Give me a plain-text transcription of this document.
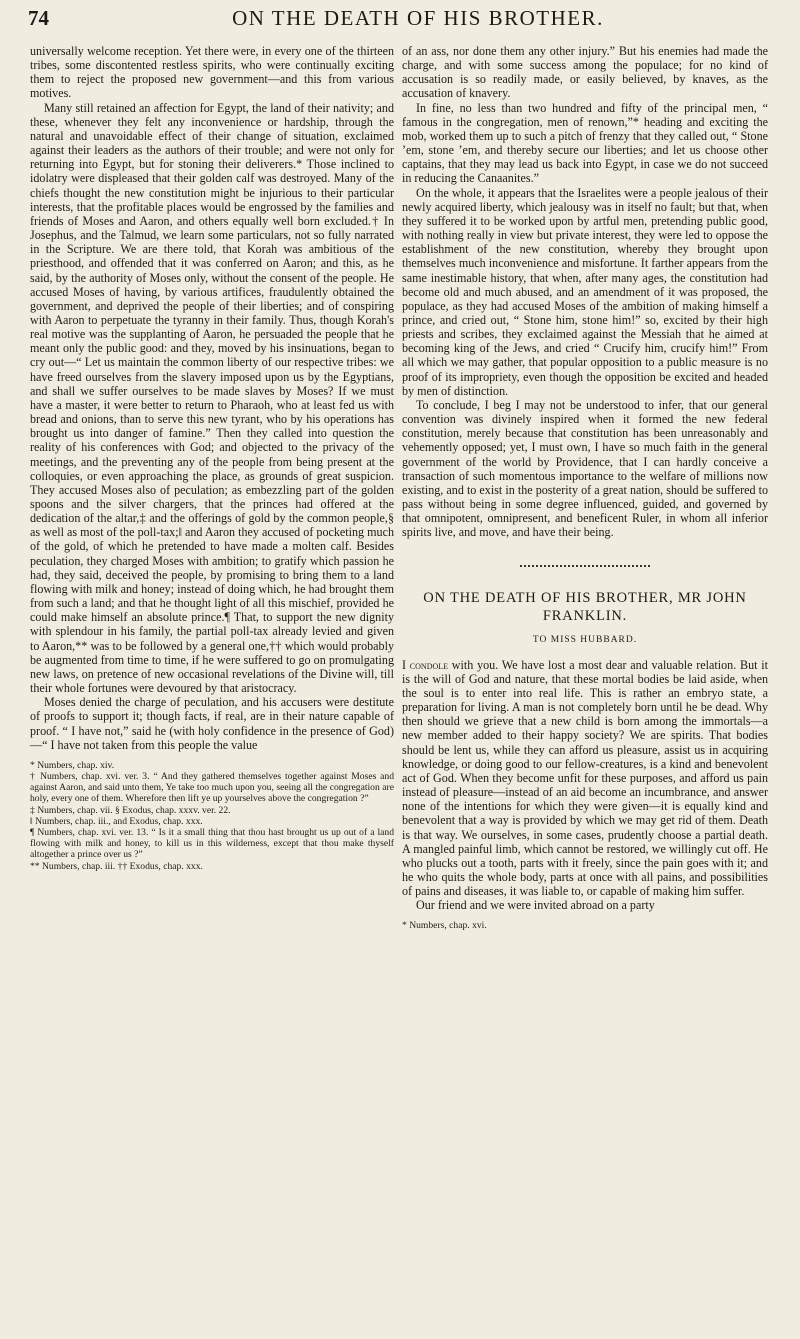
74	ON THE DEATH OF HIS BROTHER.

universally welcome reception. Yet there were, in every one of the thirteen tribes, some discontented restless spirits, who were continually exciting them to reject the proposed new government—and this from various motives.

Many still retained an affection for Egypt, the land of their nativity; and these, whenever they felt any inconvenience or hardship, through the natural and unavoidable effect of their change of situation, exclaimed against their leaders as the authors of their trouble; and were not only for returning into Egypt, but for stoning their deliverers.* Those inclined to idolatry were displeased that their golden calf was destroyed. Many of the chiefs thought the new constitution might be injurious to their particular interests, that the profitable places would be engrossed by the families and friends of Moses and Aaron, and others equally well born excluded.† In Josephus, and the Talmud, we learn some particulars, not so fully narrated in the Scripture. We are there told, that Korah was ambitious of the priesthood, and offended that it was conferred on Aaron; and this, as he said, by the authority of Moses only, without the consent of the people. He accused Moses of having, by various artifices, fraudulently obtained the government, and deprived the people of their liberties; and of conspiring with Aaron to perpetuate the tyranny in their family. Thus, though Korah's real motive was the supplanting of Aaron, he persuaded the people that he meant only the public good: and they, moved by his insinuations, began to cry out—“ Let us maintain the common liberty of our respective tribes: we have freed ourselves from the slavery imposed upon us by the Egyptians, and shall we suffer ourselves to be made slaves by Moses? If we must have a master, it were better to return to Pharaoh, who at least fed us with bread and onions, than to serve this new tyrant, who by his operations has brought us into danger of famine.” Then they called into question the reality of his conferences with God; and objected to the privacy of the meetings, and the preventing any of the people from being present at the colloquies, or even approaching the place, as grounds of great suspicion. They accused Moses also of peculation; as embezzling part of the golden spoons and the silver chargers, that the princes had offered at the dedication of the altar,‡ and the offerings of gold by the common people,§ as well as most of the poll-tax;‖ and Aaron they accused of pocketing much of the gold, of which he pretended to have made a molten calf. Besides peculation, they charged Moses with ambition; to gratify which passion he had, they said, deceived the people, by promising to bring them to a land flowing with milk and honey; instead of doing which, he had brought them from such a land; and that he thought light of all this mischief, provided he could make himself an absolute prince.¶ That, to support the new dignity with splendour in his family, the partial poll-tax already levied and given to Aaron,** was to be followed by a general one,†† which would probably be augmented from time to time, if he were suffered to go on promulgating new laws, on pretence of new occasional revelations of the Divine will, till their whole fortunes were devoured by that aristocracy.

Moses denied the charge of peculation, and his accusers were destitute of proofs to support it; though facts, if real, are in their nature capable of proof. “ I have not,” said he (with holy confidence in the presence of God)—“ I have not taken from this people the value

* Numbers, chap. xiv.
† Numbers, chap. xvi. ver. 3. “ And they gathered themselves together against Moses and against Aaron, and said unto them, Ye take too much upon you, seeing all the congregation are holy, every one of them. Wherefore then lift ye up yourselves above the congregation ?”
‡ Numbers, chap. vii. § Exodus, chap. xxxv. ver. 22.
‖ Numbers, chap. iii., and Exodus, chap. xxx.
¶ Numbers, chap. xvi. ver. 13. “ Is it a small thing that thou hast brought us up out of a land flowing with milk and honey, to kill us in this wilderness, except that thou make thyself altogether a prince over us ?”
** Numbers, chap. iii. †† Exodus, chap. xxx.

of an ass, nor done them any other injury.” But his enemies had made the charge, and with some success among the populace; for no kind of accusation is so readily made, or easily believed, by knaves, as the accusation of knavery.

In fine, no less than two hundred and fifty of the principal men, “ famous in the congregation, men of renown,”* heading and exciting the mob, worked them up to such a pitch of frenzy that they called out, “ Stone ’em, stone ’em, and thereby secure our liberties; and let us choose other captains, that they may lead us back into Egypt, in case we do not succeed in reducing the Canaanites.”

On the whole, it appears that the Israelites were a people jealous of their newly acquired liberty, which jealousy was in itself no fault; but that, when they suffered it to be worked upon by artful men, pretending public good, with nothing really in view but private interest, they were led to oppose the establishment of the new constitution, whereby they brought upon themselves much inconvenience and misfortune. It farther appears from the same inestimable history, that when, after many ages, the constitution had become old and much abused, and an amendment of it was proposed, the populace, as they had accused Moses of the ambition of making himself a prince, and cried out, “ Stone him, stone him!” so, excited by their high priests and scribes, they exclaimed against the Messiah that he aimed at becoming king of the Jews, and cried “ Crucify him, crucify him!” From all which we may gather, that popular opposition to a public measure is no proof of its impropriety, even though the opposition be excited and headed by men of distinction.

To conclude, I beg I may not be understood to infer, that our general convention was divinely inspired when it formed the new federal constitution, merely because that constitution has been unreasonably and vehemently opposed; yet, I must own, I have so much faith in the general government of the world by Providence, that I can hardly conceive a transaction of such momentous importance to the welfare of millions now existing, and to exist in the posterity of a great nation, should be suffered to pass without being in some degree influenced, guided, and governed by that omnipotent, omnipresent, and beneficent Ruler, in whom all inferior spirits live, and move, and have their being.

ON THE DEATH OF HIS BROTHER, MR JOHN FRANKLIN.
TO MISS HUBBARD.

I condole with you. We have lost a most dear and valuable relation. But it is the will of God and nature, that these mortal bodies be laid aside, when the soul is to enter into real life. This is rather an embryo state, a preparation for living. A man is not completely born until he be dead. Why then should we grieve that a new child is born among the immortals—a new member added to their happy society? We are spirits. That bodies should be lent us, while they can afford us pleasure, assist us in acquiring knowledge, or doing good to our fellow-creatures, is a kind and benevolent act of God. When they become unfit for these purposes, and afford us pain instead of pleasure—instead of an aid become an incumbrance, and answer none of the intentions for which they were given—it is equally kind and benevolent that a way is provided by which we may get rid of them. Death is that way. We ourselves, in some cases, prudently choose a partial death. A mangled painful limb, which cannot be restored, we willingly cut off. He who plucks out a tooth, parts with it freely, since the pain goes with it; and he who quits the whole body, parts at once with all pains, and possibilities of pains and diseases, it was liable to, or capable of making him suffer.

Our friend and we were invited abroad on a party

* Numbers, chap. xvi.
